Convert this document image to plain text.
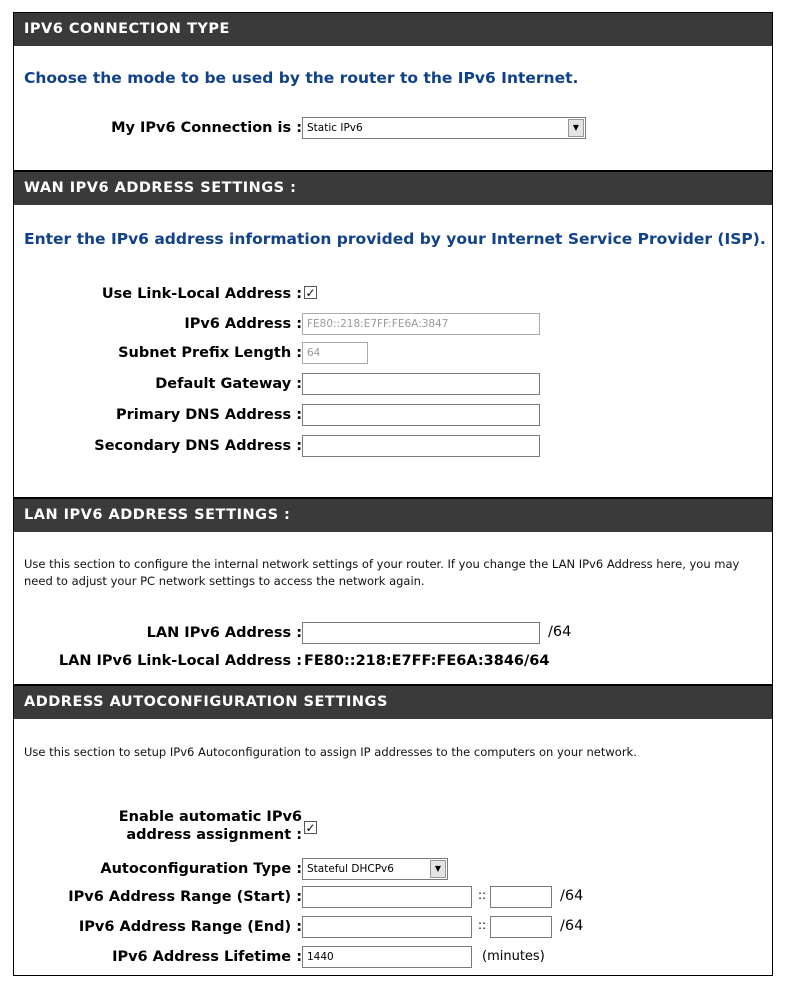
IPV6 CONNECTION TYPE
Choose the mode to be used by the router to the IPv6 Internet.
My IPv6 Connection is : Static IPv6	▼
WAN IPV6 ADDRESS SETTINGS :
Enter the IPv6 address information provided by your Internet Service Provider (ISP).
Use Link-Local Address : ✓
IPv6 Address :
FE80::218:E7FF:FE6A:3847
Subnet Prefix Length :
64
Default Gateway :
Primary DNS Address :
Secondary DNS Address :
LAN IPV6 ADDRESS SETTINGS :
Use this section to configure the internal network settings of your router. If you change the LAN IPv6 Address here, you may need to adjust your PC network settings to access the network again.
LAN IPv6 Address :	/64
LAN IPv6 Link-Local Address : FE80::218:E7FF:FE6A:3846/64
ADDRESS AUTOCONFIGURATION SETTINGS
Use this section to setup IPv6 Autoconfiguration to assign IP addresses to the computers on your network.
Enable automatic IPv6
address assignment : ✓
Autoconfiguration Type : Stateful DHCPv6	▼
IPv6 Address Range (Start) :	::	/64
IPv6 Address Range (End) :	::	/64
IPv6 Address Lifetime :
1440	(minutes)
